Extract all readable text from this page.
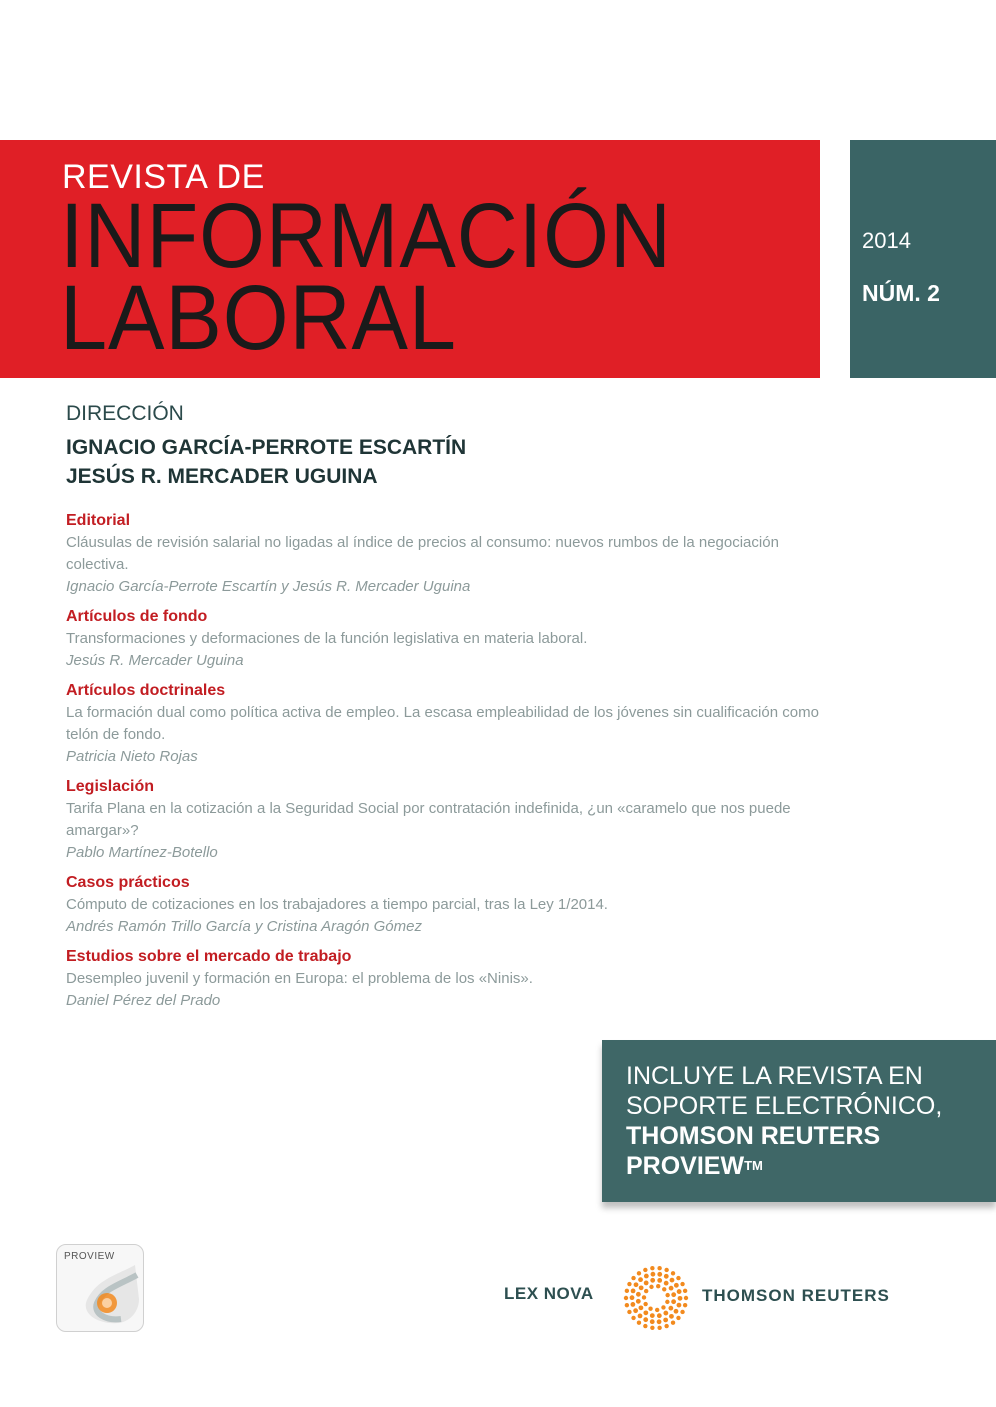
REVISTA DE
INFORMACIÓN
LABORAL
2014
NÚM. 2
DIRECCIÓN
IGNACIO GARCÍA-PERROTE ESCARTÍN
JESÚS R. MERCADER UGUINA
Editorial
Cláusulas de revisión salarial no ligadas al índice de precios al consumo: nuevos rumbos de la negociación colectiva.
Ignacio García-Perrote Escartín y Jesús R. Mercader Uguina
Artículos de fondo
Transformaciones y deformaciones de la función legislativa en materia laboral.
Jesús R. Mercader Uguina
Artículos doctrinales
La formación dual como política activa de empleo. La escasa empleabilidad de los jóvenes sin cualificación como telón de fondo.
Patricia Nieto Rojas
Legislación
Tarifa Plana en la cotización a la Seguridad Social por contratación indefinida, ¿un «caramelo que nos puede amargar»?
Pablo Martínez-Botello
Casos prácticos
Cómputo de cotizaciones en los trabajadores a tiempo parcial, tras la Ley 1/2014.
Andrés Ramón Trillo García y Cristina Aragón Gómez
Estudios sobre el mercado de trabajo
Desempleo juvenil y formación en Europa: el problema de los «Ninis».
Daniel Pérez del Prado
INCLUYE LA REVISTA EN
SOPORTE ELECTRÓNICO,
THOMSON REUTERS
PROVIEW™
PROVIEW
LEX NOVA	THOMSON REUTERS
